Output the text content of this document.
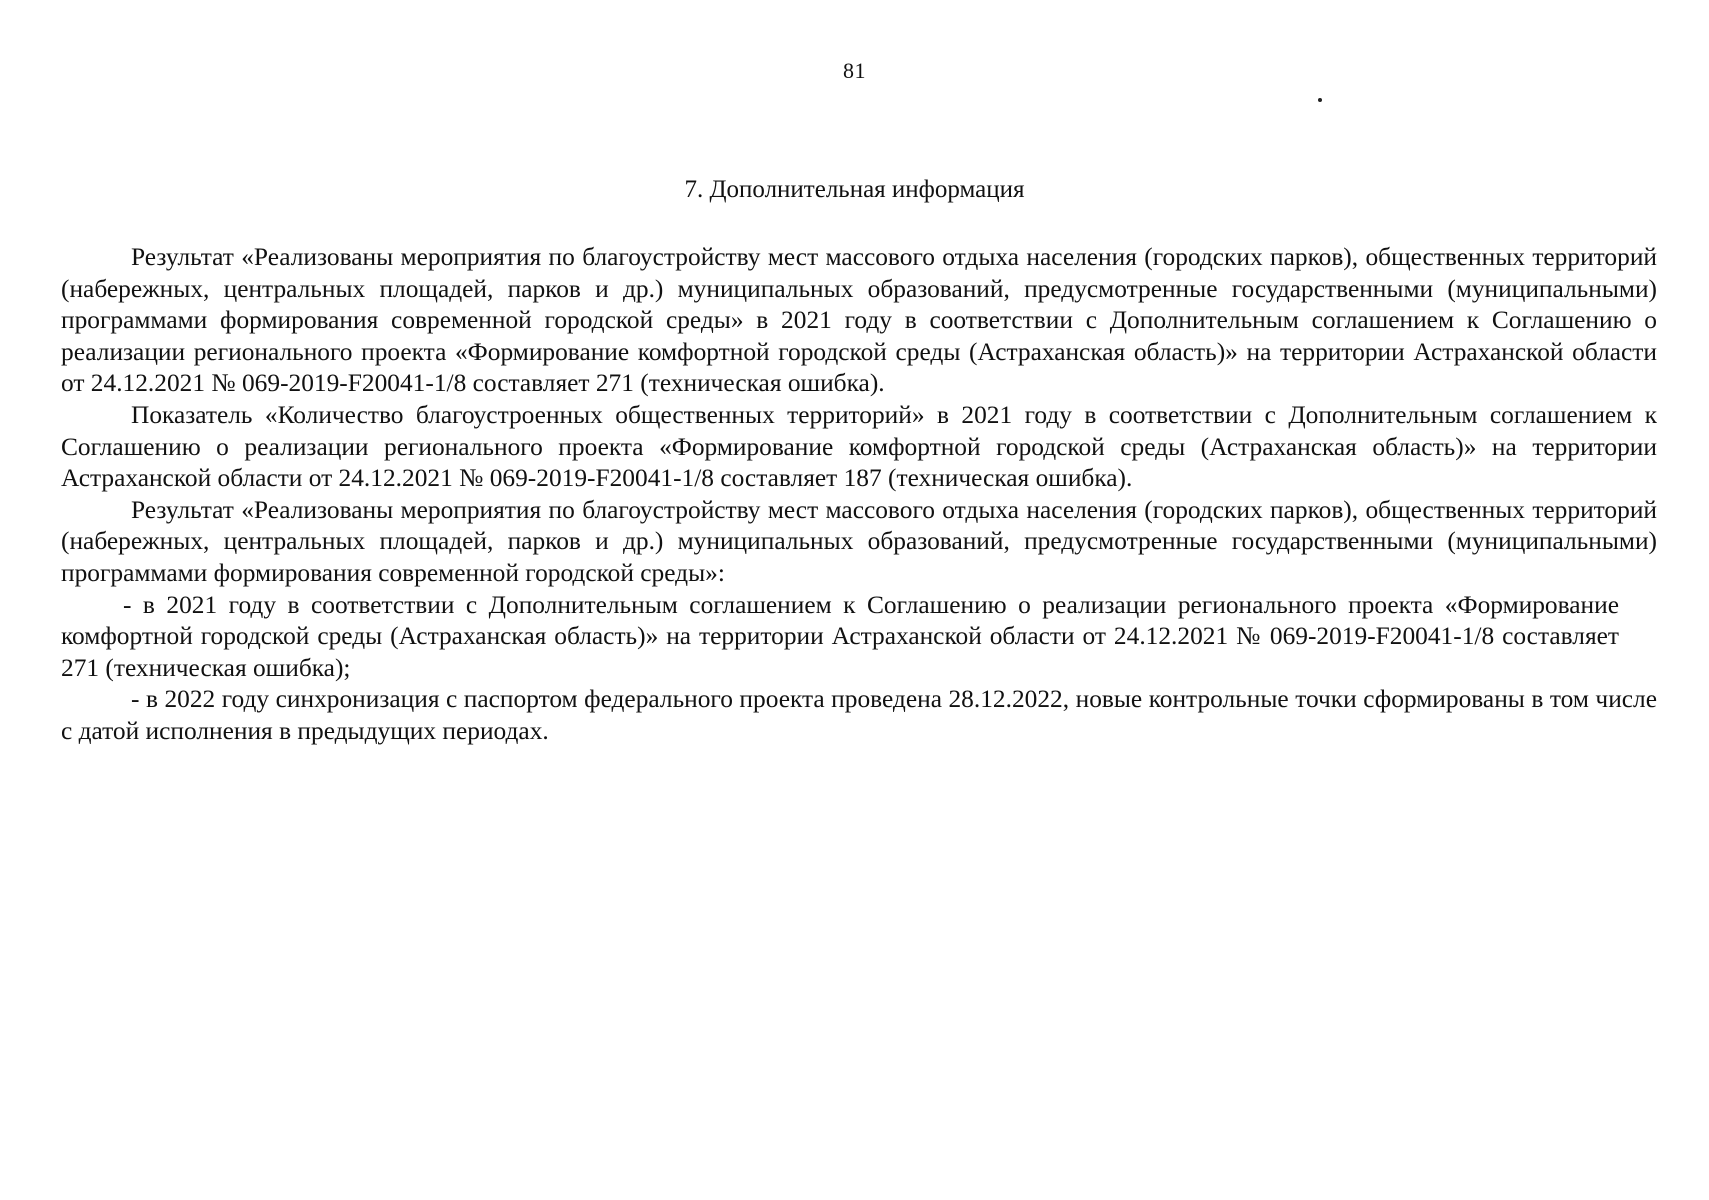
81
7. Дополнительная информация

Результат «Реализованы мероприятия по благоустройству мест массового отдыха населения (городских парков), общественных территорий (набережных, центральных площадей, парков и др.) муниципальных образований, предусмотренные государственными (муниципальными) программами формирования современной городской среды» в 2021 году в соответствии с Дополнительным соглашением к Соглашению о реализации регионального проекта «Формирование комфортной городской среды (Астраханская область)» на территории Астраханской области от 24.12.2021 № 069-2019-F20041-1/8 составляет 271 (техническая ошибка).

Показатель «Количество благоустроенных общественных территорий» в 2021 году в соответствии с Дополнительным соглашением к Соглашению о реализации регионального проекта «Формирование комфортной городской среды (Астраханская область)» на территории Астраханской области от 24.12.2021 № 069-2019-F20041-1/8 составляет 187 (техническая ошибка).

Результат «Реализованы мероприятия по благоустройству мест массового отдыха населения (городских парков), общественных территорий (набережных, центральных площадей, парков и др.) муниципальных образований, предусмотренные государственными (муниципальными) программами формирования современной городской среды»:

- в 2021 году в соответствии с Дополнительным соглашением к Соглашению о реализации регионального проекта «Формирование комфортной городской среды (Астраханская область)» на территории Астраханской области от 24.12.2021 № 069-2019-F20041-1/8 составляет 271 (техническая ошибка);

- в 2022 году синхронизация с паспортом федерального проекта проведена 28.12.2022, новые контрольные точки сформированы в том числе с датой исполнения в предыдущих периодах.
